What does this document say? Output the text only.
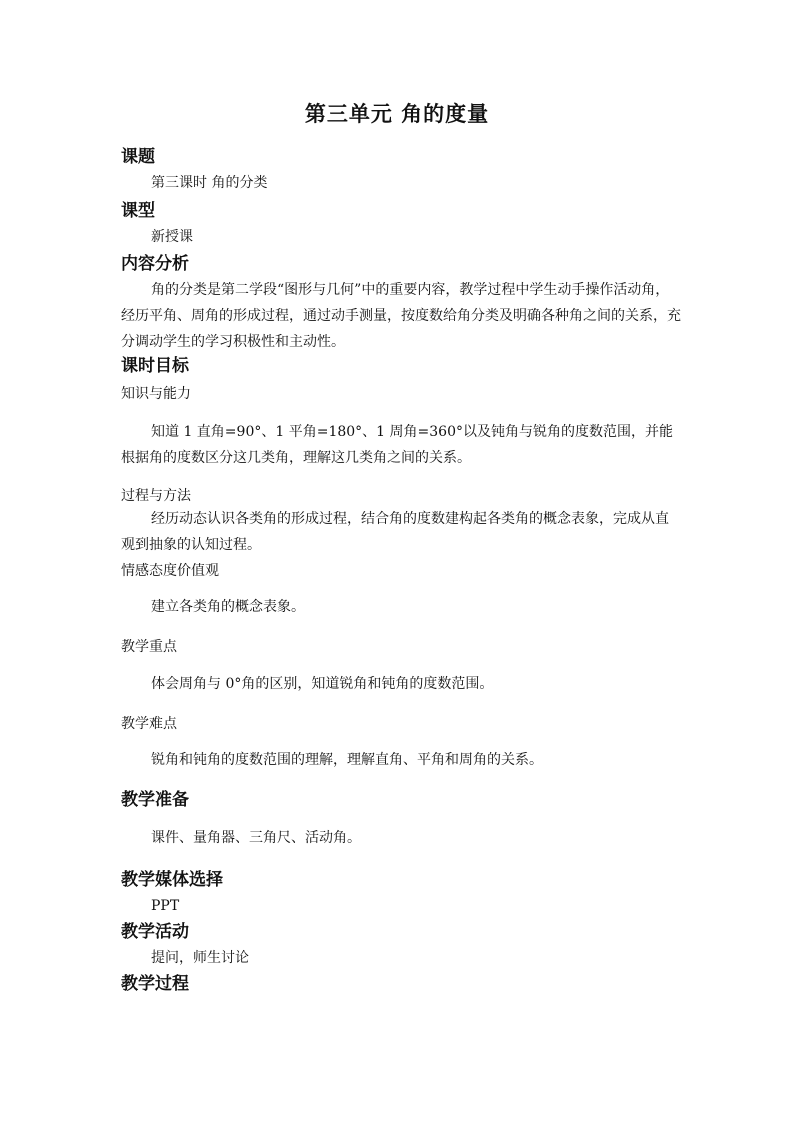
第三单元 角的度量
课题
第三课时 角的分类
课型
新授课
内容分析
角的分类是第二学段“图形与几何”中的重要内容，教学过程中学生动手操作活动角，经历平角、周角的形成过程，通过动手测量，按度数给角分类及明确各种角之间的关系，充分调动学生的学习积极性和主动性。
课时目标
知识与能力
知道 1 直角=90°、1 平角=180°、1 周角=360°以及钝角与锐角的度数范围，并能根据角的度数区分这几类角，理解这几类角之间的关系。
过程与方法
经历动态认识各类角的形成过程，结合角的度数建构起各类角的概念表象，完成从直观到抽象的认知过程。
情感态度价值观
建立各类角的概念表象。
教学重点
体会周角与 0°角的区别，知道锐角和钝角的度数范围。
教学难点
锐角和钝角的度数范围的理解，理解直角、平角和周角的关系。
教学准备
课件、量角器、三角尺、活动角。
教学媒体选择
PPT
教学活动
提问，师生讨论
教学过程
